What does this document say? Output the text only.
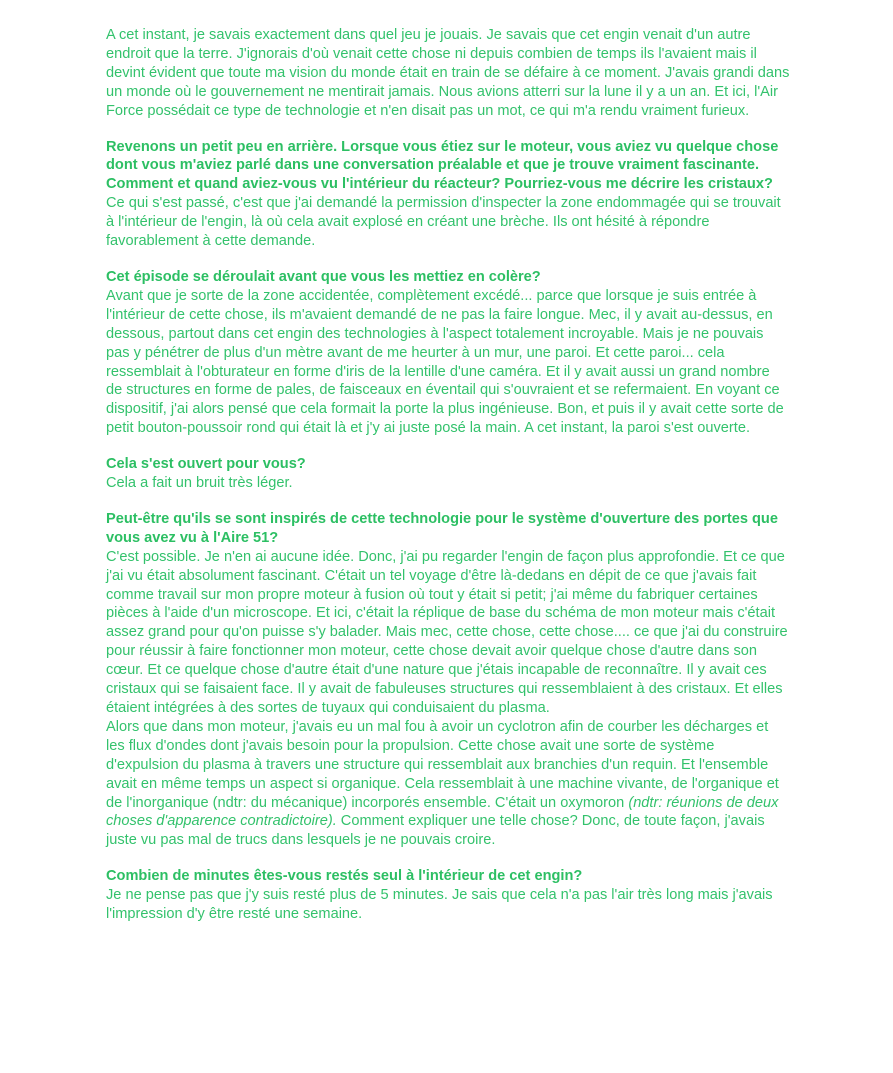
A cet instant, je savais exactement dans quel jeu je jouais. Je savais que cet engin venait d'un autre endroit que la terre. J'ignorais d'où venait cette chose ni depuis combien de temps ils l'avaient mais il devint évident que toute ma vision du monde était en train de se défaire à ce moment. J'avais grandi dans un monde où le gouvernement ne mentirait jamais. Nous avions atterri sur la lune il y a un an. Et ici, l'Air Force possédait ce type de technologie et n'en disait pas un mot, ce qui m'a rendu vraiment furieux.

Revenons un petit peu en arrière. Lorsque vous étiez sur le moteur, vous aviez vu quelque chose dont vous m'aviez parlé dans une conversation préalable et que je trouve vraiment fascinante. Comment et quand aviez-vous vu l'intérieur du réacteur? Pourriez-vous me décrire les cristaux?

Ce qui s'est passé, c'est que j'ai demandé la permission d'inspecter la zone endommagée qui se trouvait à l'intérieur de l'engin, là où cela avait explosé en créant une brèche. Ils ont hésité à répondre favorablement à cette demande.

Cet épisode se déroulait avant que vous les mettiez en colère?

Avant que je sorte de la zone accidentée, complètement excédé... parce que lorsque je suis entrée à l'intérieur de cette chose, ils m'avaient demandé de ne pas la faire longue. Mec, il y avait au-dessus, en dessous, partout dans cet engin des technologies à l'aspect totalement incroyable. Mais je ne pouvais pas y pénétrer de plus d'un mètre avant de me heurter à un mur, une paroi. Et cette paroi... cela ressemblait à l'obturateur en forme d'iris de la lentille d'une caméra. Et il y avait aussi un grand nombre de structures en forme de pales, de faisceaux en éventail qui s'ouvraient et se refermaient. En voyant ce dispositif, j'ai alors pensé que cela formait la porte la plus ingénieuse. Bon, et puis il y avait cette sorte de petit bouton-poussoir rond qui était là et j'y ai juste posé la main. A cet instant, la paroi s'est ouverte.

Cela s'est ouvert pour vous?

Cela a fait un bruit très léger.

Peut-être qu'ils se sont inspirés de cette technologie pour le système d'ouverture des portes que vous avez vu à l'Aire 51?

C'est possible. Je n'en ai aucune idée. Donc, j'ai pu regarder l'engin de façon plus approfondie. Et ce que j'ai vu était absolument fascinant. C'était un tel voyage d'être là-dedans en dépit de ce que j'avais fait comme travail sur mon propre moteur à fusion où tout y était si petit; j'ai même du fabriquer certaines pièces à l'aide d'un microscope. Et ici, c'était la réplique de base du schéma de mon moteur mais c'était assez grand pour qu'on puisse s'y balader. Mais mec, cette chose, cette chose.... ce que j'ai du construire pour réussir à faire fonctionner mon moteur, cette chose devait avoir quelque chose d'autre dans son cœur. Et ce quelque chose d'autre était d'une nature que j'étais incapable de reconnaître. Il y avait ces cristaux qui se faisaient face. Il y avait de fabuleuses structures qui ressemblaient à des cristaux. Et elles étaient intégrées à des sortes de tuyaux qui conduisaient du plasma.

Alors que dans mon moteur, j'avais eu un mal fou à avoir un cyclotron afin de courber les décharges et les flux d'ondes dont j'avais besoin pour la propulsion. Cette chose avait une sorte de système d'expulsion du plasma à travers une structure qui ressemblait aux branchies d'un requin. Et l'ensemble avait en même temps un aspect si organique. Cela ressemblait à une machine vivante, de l'organique et de l'inorganique (ndtr: du mécanique) incorporés ensemble. C'était un oxymoron (ndtr: réunions de deux choses d'apparence contradictoire). Comment expliquer une telle chose? Donc, de toute façon, j'avais juste vu pas mal de trucs dans lesquels je ne pouvais croire.

Combien de minutes êtes-vous restés seul à l'intérieur de cet engin?

Je ne pense pas que j'y suis resté plus de 5 minutes. Je sais que cela n'a pas l'air très long mais j'avais l'impression d'y être resté une semaine.
